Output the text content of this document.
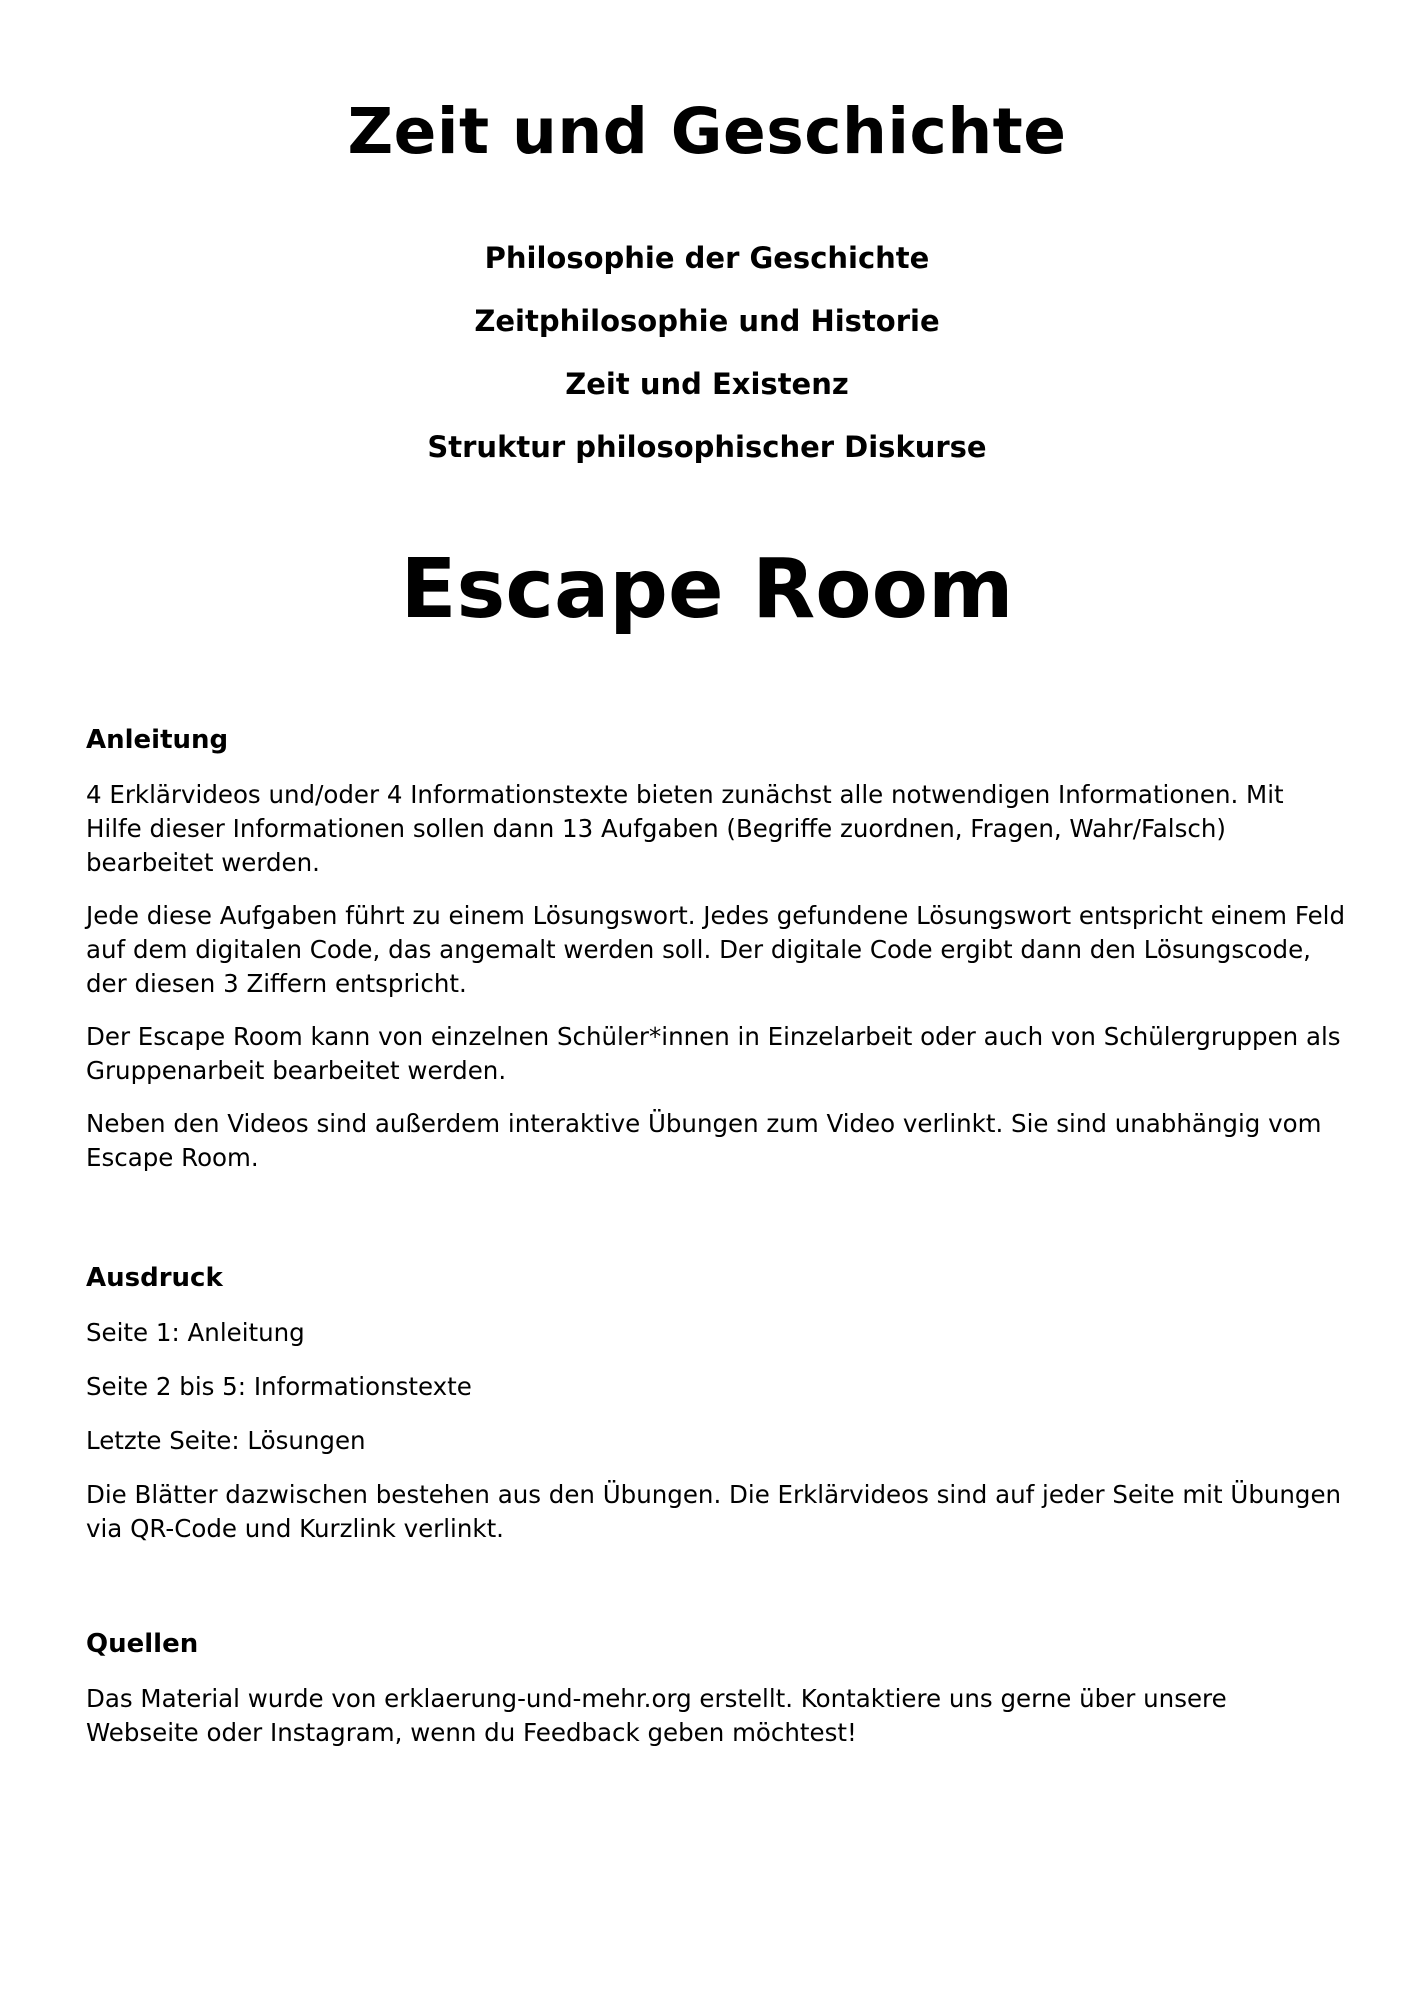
Zeit und Geschichte
Philosophie der Geschichte
Zeitphilosophie und Historie
Zeit und Existenz
Struktur philosophischer Diskurse
Escape Room

Anleitung

4 Erklärvideos und/oder 4 Informationstexte bieten zunächst alle notwendigen Informationen. Mit Hilfe dieser Informationen sollen dann 13 Aufgaben (Begriffe zuordnen, Fragen, Wahr/Falsch) bearbeitet werden.

Jede diese Aufgaben führt zu einem Lösungswort. Jedes gefundene Lösungswort entspricht einem Feld auf dem digitalen Code, das angemalt werden soll. Der digitale Code ergibt dann den Lösungscode, der diesen 3 Ziffern entspricht.

Der Escape Room kann von einzelnen Schüler*innen in Einzelarbeit oder auch von Schülergruppen als Gruppenarbeit bearbeitet werden.

Neben den Videos sind außerdem interaktive Übungen zum Video verlinkt. Sie sind unabhängig vom Escape Room.

Ausdruck

Seite 1: Anleitung

Seite 2 bis 5: Informationstexte

Letzte Seite: Lösungen

Die Blätter dazwischen bestehen aus den Übungen. Die Erklärvideos sind auf jeder Seite mit Übungen via QR-Code und Kurzlink verlinkt.

Quellen

Das Material wurde von erklaerung-und-mehr.org erstellt. Kontaktiere uns gerne über unsere Webseite oder Instagram, wenn du Feedback geben möchtest!
